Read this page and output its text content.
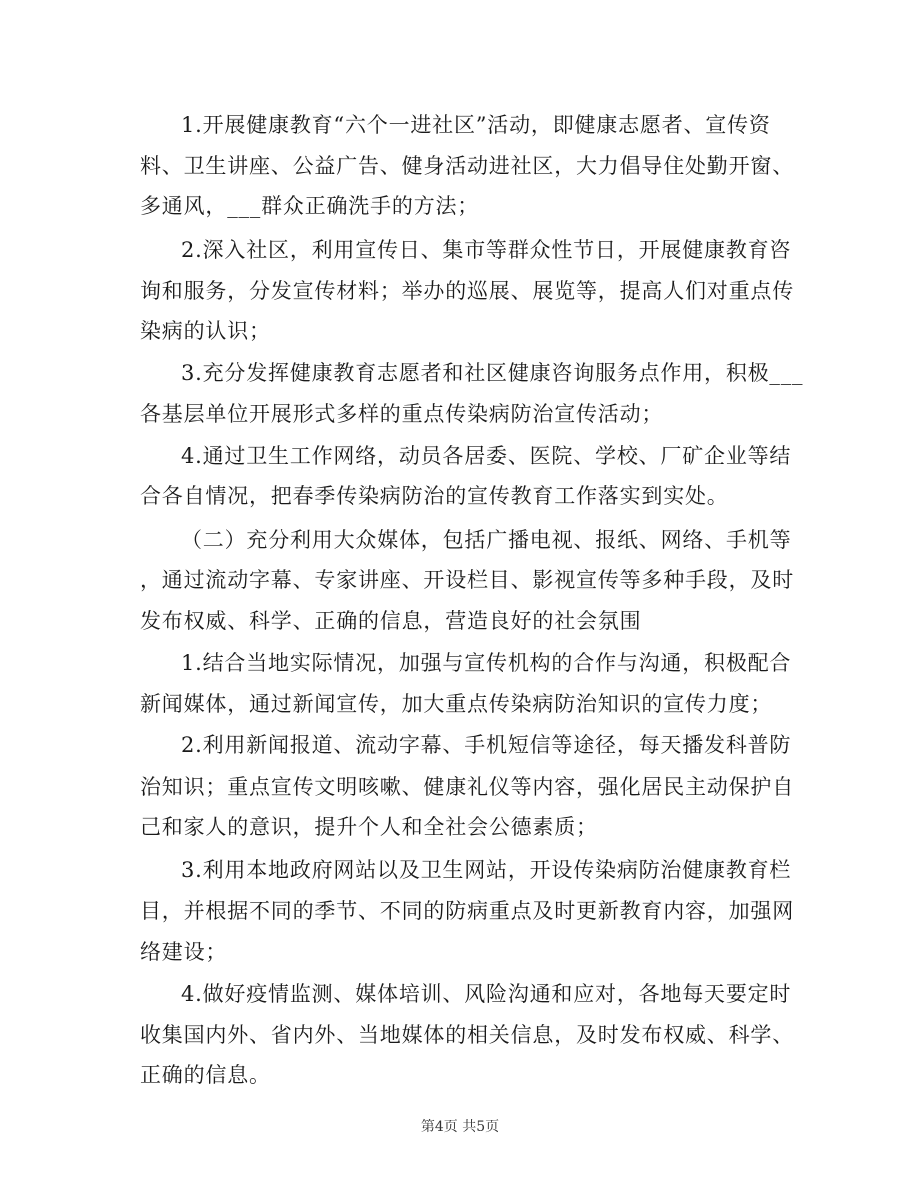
1.开展健康教育“六个一进社区”活动，即健康志愿者、宣传资
料、卫生讲座、公益广告、健身活动进社区，大力倡导住处勤开窗、
多通风，___群众正确洗手的方法；
2.深入社区，利用宣传日、集市等群众性节日，开展健康教育咨
询和服务，分发宣传材料；举办的巡展、展览等，提高人们对重点传
染病的认识；
3.充分发挥健康教育志愿者和社区健康咨询服务点作用，积极___
各基层单位开展形式多样的重点传染病防治宣传活动；
4.通过卫生工作网络，动员各居委、医院、学校、厂矿企业等结
合各自情况，把春季传染病防治的宣传教育工作落实到实处。
（二）充分利用大众媒体，包括广播电视、报纸、网络、手机等
，通过流动字幕、专家讲座、开设栏目、影视宣传等多种手段，及时
发布权威、科学、正确的信息，营造良好的社会氛围
1.结合当地实际情况，加强与宣传机构的合作与沟通，积极配合
新闻媒体，通过新闻宣传，加大重点传染病防治知识的宣传力度；
2.利用新闻报道、流动字幕、手机短信等途径，每天播发科普防
治知识；重点宣传文明咳嗽、健康礼仪等内容，强化居民主动保护自
己和家人的意识，提升个人和全社会公德素质；
3.利用本地政府网站以及卫生网站，开设传染病防治健康教育栏
目，并根据不同的季节、不同的防病重点及时更新教育内容，加强网
络建设；
4.做好疫情监测、媒体培训、风险沟通和应对，各地每天要定时
收集国内外、省内外、当地媒体的相关信息，及时发布权威、科学、
正确的信息。
第4页 共5页
